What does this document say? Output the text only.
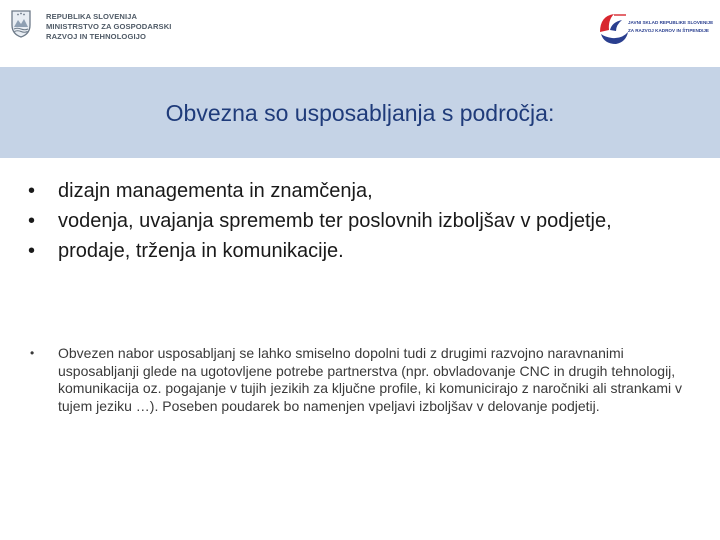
REPUBLIKA SLOVENIJA
MINISTRSTVO ZA GOSPODARSKI
RAZVOJ IN TEHNOLOGIJO
JAVNI SKLAD REPUBLIKE SLOVENIJE
ZA RAZVOJ KADROV IN ŠTIPENDIJE
Obvezna so usposabljanja s področja:
• dizajn managementa in znamčenja,
• vodenja, uvajanja sprememb ter poslovnih izboljšav v podjetje,
• prodaje, trženja in komunikacije.
• Obvezen nabor usposabljanj se lahko smiselno dopolni tudi z drugimi razvojno naravnanimi usposabljanji glede na ugotovljene potrebe partnerstva (npr. obvladovanje CNC in drugih tehnologij, komunikacija oz. pogajanje v tujih jezikih za ključne profile, ki komunicirajo z naročniki ali strankami v tujem jeziku …). Poseben poudarek bo namenjen vpeljavi izboljšav v delovanje podjetij.
